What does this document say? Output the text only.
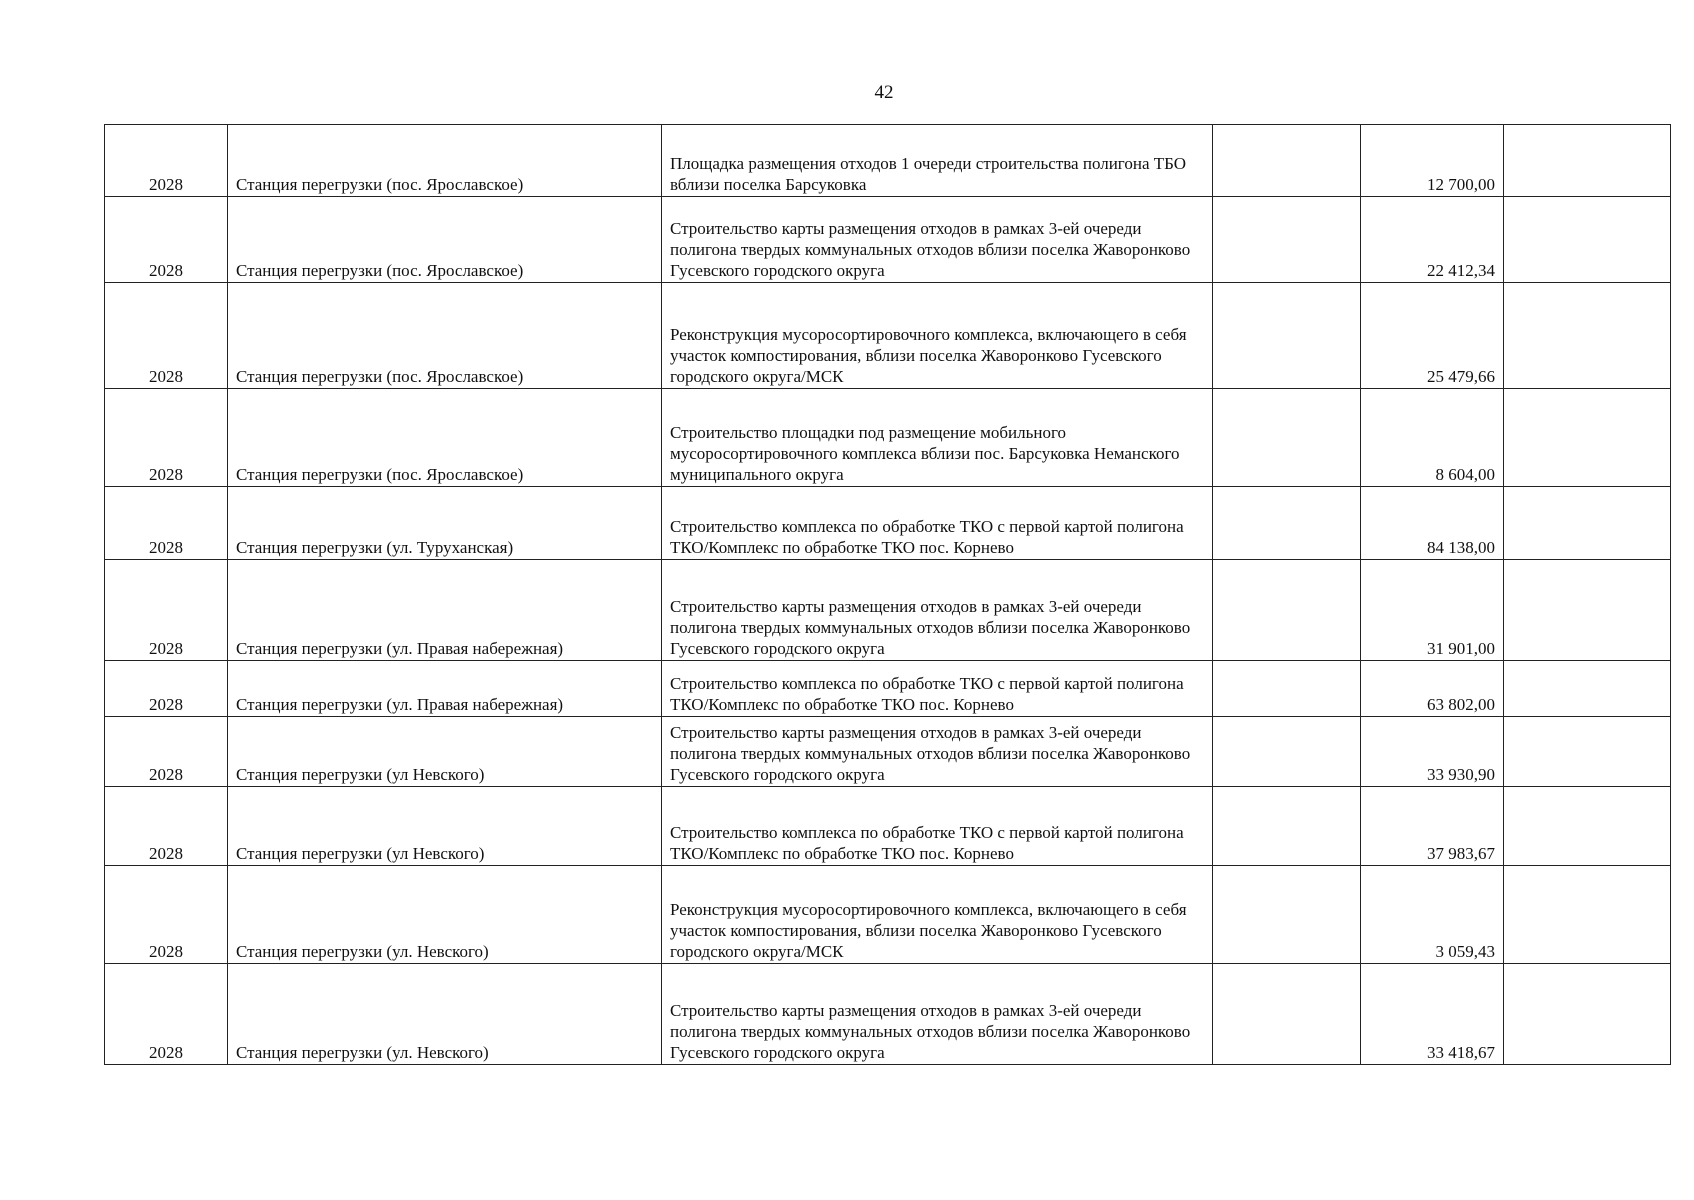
42
2028	Станция перегрузки (пос. Ярославское)	Площадка размещения отходов 1 очереди строительства полигона ТБО вблизи поселка Барсуковка		12 700,00	
2028	Станция перегрузки (пос. Ярославское)	Строительство карты размещения отходов в рамках 3-ей очереди полигона твердых коммунальных отходов вблизи поселка Жаворонково Гусевского городского округа		22 412,34	
2028	Станция перегрузки (пос. Ярославское)	Реконструкция мусоросортировочного комплекса, включающего в себя участок компостирования, вблизи поселка Жаворонково Гусевского городского округа/МСК		25 479,66	
2028	Станция перегрузки (пос. Ярославское)	Строительство площадки под размещение мобильного мусоросортировочного комплекса вблизи пос. Барсуковка Неманского муниципального округа		8 604,00	
2028	Станция перегрузки (ул. Туруханская)	Строительство комплекса по обработке ТКО с первой картой полигона ТКО/Комплекс по обработке ТКО пос. Корнево		84 138,00	
2028	Станция перегрузки (ул. Правая набережная)	Строительство карты размещения отходов в рамках 3-ей очереди полигона твердых коммунальных отходов вблизи поселка Жаворонково Гусевского городского округа		31 901,00	
2028	Станция перегрузки (ул. Правая набережная)	Строительство комплекса по обработке ТКО с первой картой полигона ТКО/Комплекс по обработке ТКО пос. Корнево		63 802,00	
2028	Станция перегрузки (ул Невского)	Строительство карты размещения отходов в рамках 3-ей очереди полигона твердых коммунальных отходов вблизи поселка Жаворонково Гусевского городского округа		33 930,90	
2028	Станция перегрузки (ул Невского)	Строительство комплекса по обработке ТКО с первой картой полигона ТКО/Комплекс по обработке ТКО пос. Корнево		37 983,67	
2028	Станция перегрузки (ул. Невского)	Реконструкция мусоросортировочного комплекса, включающего в себя участок компостирования, вблизи поселка Жаворонково Гусевского городского округа/МСК		3 059,43	
2028	Станция перегрузки (ул. Невского)	Строительство карты размещения отходов в рамках 3-ей очереди полигона твердых коммунальных отходов вблизи поселка Жаворонково Гусевского городского округа		33 418,67	
